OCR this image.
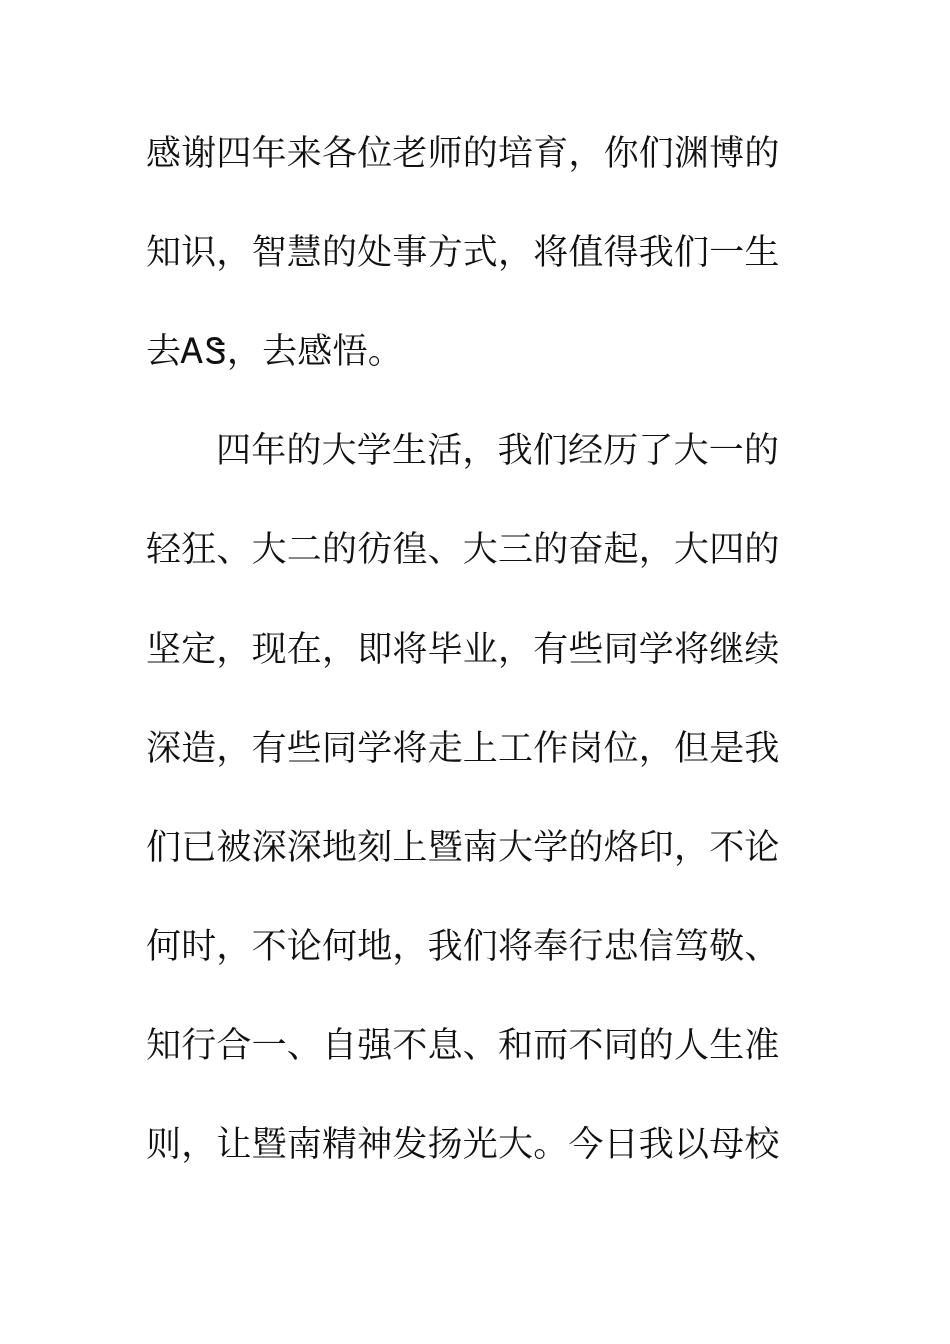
感谢四年来各位老师的培育，你们渊博的
知识，智慧的处事方式，将值得我们一生
去ᎪᏕ，去感悟。
四年的大学生活，我们经历了大一的
轻狂、大二的彷徨、大三的奋起，大四的
坚定，现在，即将毕业，有些同学将继续
深造，有些同学将走上工作岗位，但是我
们已被深深地刻上暨南大学的烙印，不论
何时，不论何地，我们将奉行忠信笃敬、
知行合一、自强不息、和而不同的人生准
则，让暨南精神发扬光大。今日我以母校
